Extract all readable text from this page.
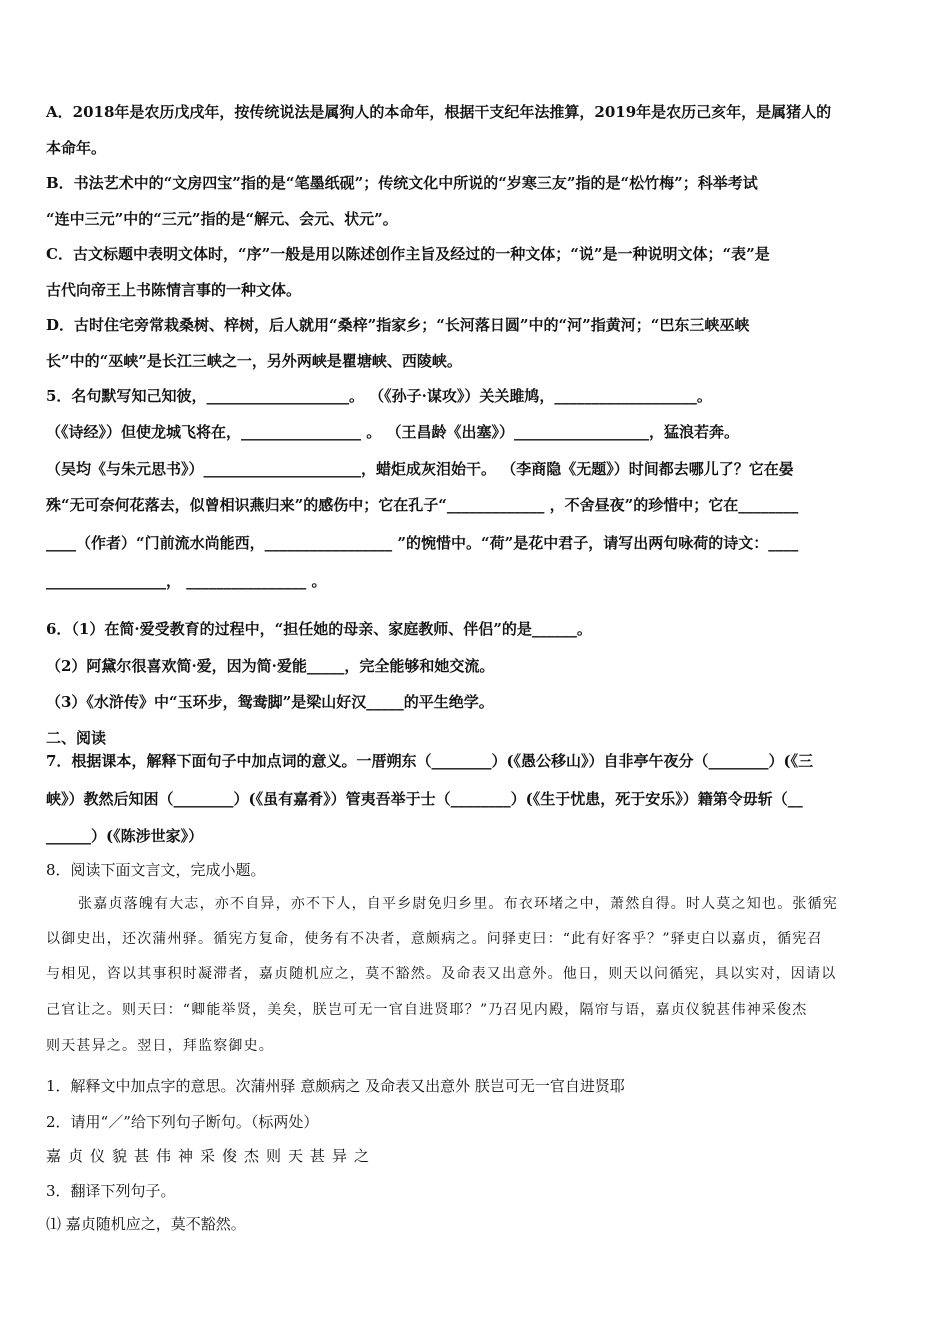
A．2018年是农历戊戌年，按传统说法是属狗人的本命年，根据干支纪年法推算，2019年是农历己亥年，是属猪人的
本命年。
B．书法艺术中的“文房四宝”指的是“笔墨纸砚”；传统文化中所说的“岁寒三友”指的是“松竹梅”；科举考试
“连中三元”中的“三元”指的是“解元、会元、状元”。
C．古文标题中表明文体时，“序”一般是用以陈述创作主旨及经过的一种文体；“说”是一种说明文体；“表”是
古代向帝王上书陈情言事的一种文体。
D．古时住宅旁常栽桑树、梓树，后人就用“桑梓”指家乡；“长河落日圆”中的“河”指黄河；“巴东三峡巫峡
长”中的“巫峡”是长江三峡之一，另外两峡是瞿塘峡、西陵峡。
5．名句默写知己知彼，___________________。 （《孙子·谋攻》）关关雎鸠，___________________。
（《诗经》）但使龙城飞将在，________________ 。 （王昌龄《出塞》）__________________，猛浪若奔。
（吴均《与朱元思书》）_____________________，蜡炬成灰泪始干。 （李商隐《无题》）时间都去哪儿了？它在晏
殊“无可奈何花落去，似曾相识燕归来”的感伤中；它在孔子“_____________ ，不舍昼夜”的珍惜中；它在________
____（作者）“门前流水尚能西，_________________ ”的惋惜中。“荷”是花中君子，请写出两句咏荷的诗文：____
________________， ________________ 。
6．（1）在简·爱受教育的过程中，“担任她的母亲、家庭教师、伴侣”的是______。
（2）阿黛尔很喜欢简·爱，因为简·爱能_____，完全能够和她交流。
（3）《水浒传》中“玉环步，鸳鸯脚”是梁山好汉_____的平生绝学。
二、阅读
7．根据课本，解释下面句子中加点词的意义。一厝朔东（________）(《愚公移山》）自非亭午夜分（________）(《三
峡》）教然后知困（________）(《虽有嘉肴》）管夷吾举于士（________）(《生于忧患，死于安乐》）籍第令毋斩（__
______）(《陈涉世家》）
8．阅读下面文言文，完成小题。
张嘉贞落魄有大志，亦不自异，亦不下人，自平乡尉免归乡里。布衣环堵之中，萧然自得。时人莫之知也。张循宪
以御史出，还次蒲州驿。循宪方复命，使务有不决者，意颇病之。问驿吏曰：“此有好客乎？”驿吏白以嘉贞，循宪召
与相见，咨以其事积时凝滞者，嘉贞随机应之，莫不豁然。及命表又出意外。他日，则天以问循宪，具以实对，因请以
己官让之。则天曰：“卿能举贤，美矣，朕岂可无一官自进贤耶？”乃召见内殿，隔帘与语，嘉贞仪貌甚伟神采俊杰
则天甚异之。翌日，拜监察御史。
1．解释文中加点字的意思。次蒲州驿 意颇病之 及命表又出意外 朕岂可无一官自进贤耶
2．请用“／”给下列句子断句。（标两处）
嘉贞仪貌甚伟神采俊杰则天甚异之
3．翻译下列句子。
⑴ 嘉贞随机应之，莫不豁然。
